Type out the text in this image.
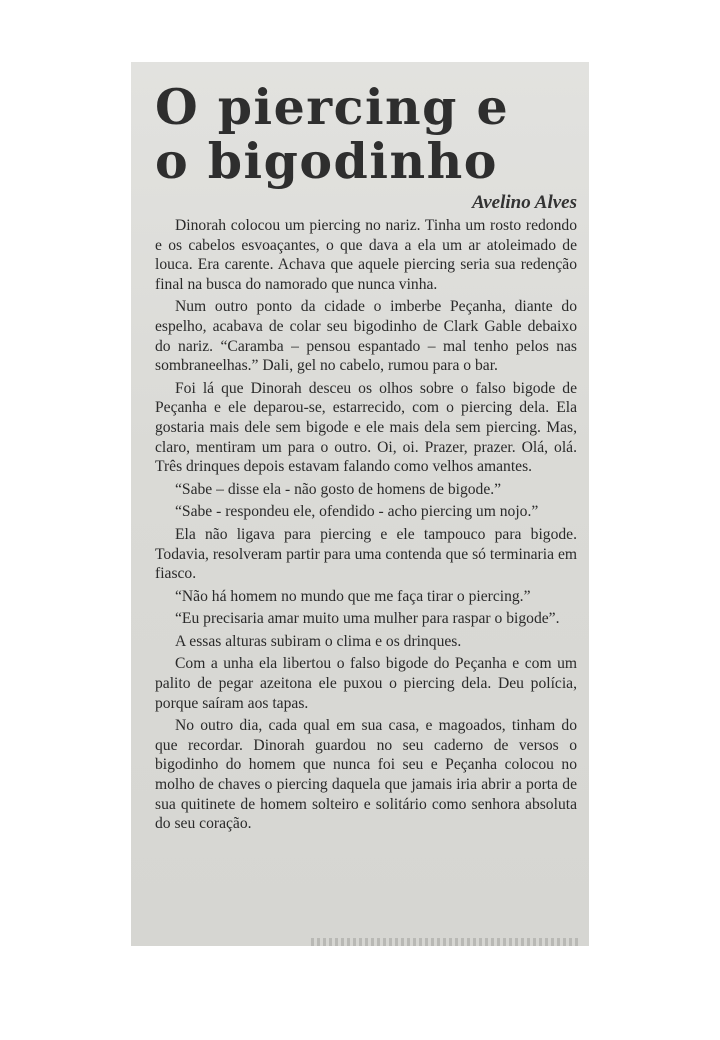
O piercing e
o bigodinho
Avelino Alves

Dinorah colocou um piercing no nariz. Tinha um rosto redondo e os cabelos esvoaçantes, o que dava a ela um ar atoleimado de louca. Era carente. Achava que aquele piercing seria sua redenção final na busca do namorado que nunca vinha.

Num outro ponto da cidade o imberbe Peçanha, diante do espelho, acabava de colar seu bigodinho de Clark Gable debaixo do nariz. “Caramba – pensou espantado – mal tenho pelos nas sombraneelhas.” Dali, gel no cabelo, rumou para o bar.

Foi lá que Dinorah desceu os olhos sobre o falso bigode de Peçanha e ele deparou-se, estarrecido, com o piercing dela. Ela gostaria mais dele sem bigode e ele mais dela sem piercing. Mas, claro, mentiram um para o outro. Oi, oi. Prazer, prazer. Olá, olá. Três drinques depois estavam falando como velhos amantes.

“Sabe – disse ela - não gosto de homens de bigode.”

“Sabe - respondeu ele, ofendido - acho piercing um nojo.”

Ela não ligava para piercing e ele tampouco para bigode. Todavia, resolveram partir para uma contenda que só terminaria em fiasco.

“Não há homem no mundo que me faça tirar o piercing.”

“Eu precisaria amar muito uma mulher para raspar o bigode”.

A essas alturas subiram o clima e os drinques.

Com a unha ela libertou o falso bigode do Peçanha e com um palito de pegar azeitona ele puxou o piercing dela. Deu polícia, porque saíram aos tapas.

No outro dia, cada qual em sua casa, e magoados, tinham do que recordar. Dinorah guardou no seu caderno de versos o bigodinho do homem que nunca foi seu e Peçanha colocou no molho de chaves o piercing daquela que jamais iria abrir a porta de sua quitinete de homem solteiro e solitário como senhora absoluta do seu coração.
